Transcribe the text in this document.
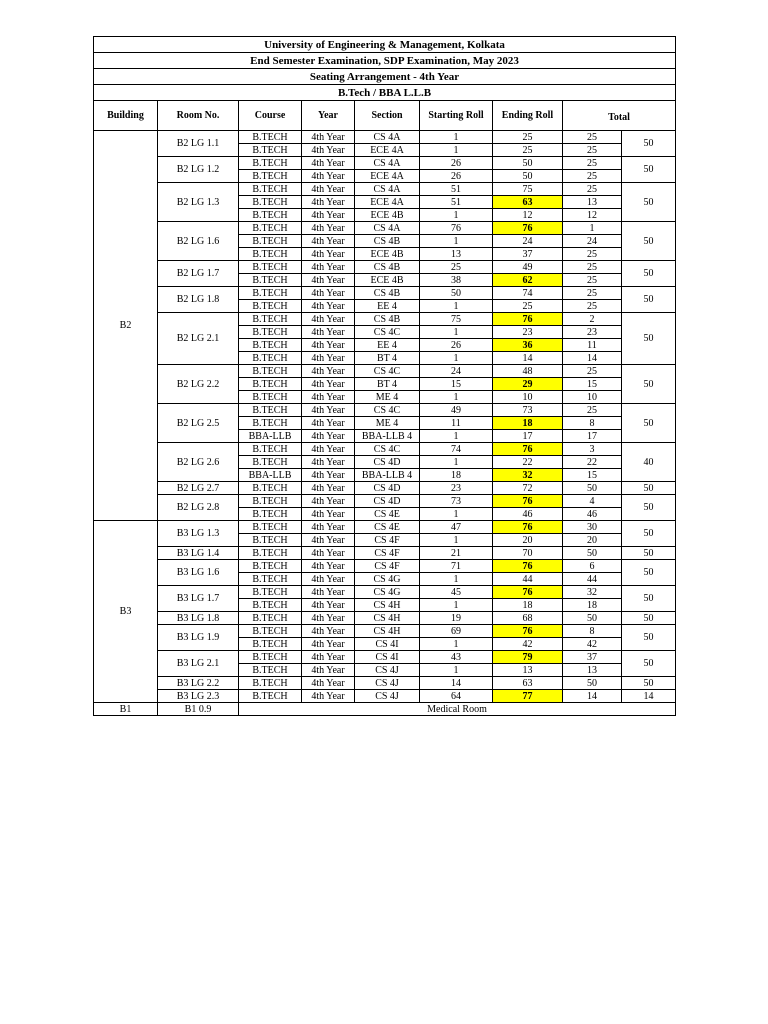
University of Engineering & Management, Kolkata								
End Semester Examination, SDP Examination, May 2023								
Seating Arrangement - 4th Year								
B.Tech / BBA L.L.B								
Building	Room No.	Course	Year	Section	Starting Roll	Ending Roll	Total	
B2	B2 LG 1.1	B.TECH	4th Year	CS 4A	1	25	25	50
		B.TECH	4th Year	ECE 4A	1	25	25	
	B2 LG 1.2	B.TECH	4th Year	CS 4A	26	50	25	50
		B.TECH	4th Year	ECE 4A	26	50	25	
	B2 LG 1.3	B.TECH	4th Year	CS 4A	51	75	25	50
		B.TECH	4th Year	ECE 4A	51	63	13	
		B.TECH	4th Year	ECE 4B	1	12	12	
	B2 LG 1.6	B.TECH	4th Year	CS 4A	76	76	1	50
		B.TECH	4th Year	CS 4B	1	24	24	
		B.TECH	4th Year	ECE 4B	13	37	25	
	B2 LG 1.7	B.TECH	4th Year	CS 4B	25	49	25	50
		B.TECH	4th Year	ECE 4B	38	62	25	
	B2 LG 1.8	B.TECH	4th Year	CS 4B	50	74	25	50
		B.TECH	4th Year	EE 4	1	25	25	
	B2 LG 2.1	B.TECH	4th Year	CS 4B	75	76	2	50
		B.TECH	4th Year	CS 4C	1	23	23	
		B.TECH	4th Year	EE 4	26	36	11	
		B.TECH	4th Year	BT 4	1	14	14	
	B2 LG 2.2	B.TECH	4th Year	CS 4C	24	48	25	50
		B.TECH	4th Year	BT 4	15	29	15	
		B.TECH	4th Year	ME 4	1	10	10	
	B2 LG 2.5	B.TECH	4th Year	CS 4C	49	73	25	50
		B.TECH	4th Year	ME 4	11	18	8	
		BBA-LLB	4th Year	BBA-LLB 4	1	17	17	
	B2 LG 2.6	B.TECH	4th Year	CS 4C	74	76	3	40
		B.TECH	4th Year	CS 4D	1	22	22	
		BBA-LLB	4th Year	BBA-LLB 4	18	32	15	
	B2 LG 2.7	B.TECH	4th Year	CS 4D	23	72	50	50
	B2 LG 2.8	B.TECH	4th Year	CS 4D	73	76	4	50
		B.TECH	4th Year	CS 4E	1	46	46	
B3	B3 LG 1.3	B.TECH	4th Year	CS 4E	47	76	30	50
		B.TECH	4th Year	CS 4F	1	20	20	
	B3 LG 1.4	B.TECH	4th Year	CS 4F	21	70	50	50
	B3 LG 1.6	B.TECH	4th Year	CS 4F	71	76	6	50
		B.TECH	4th Year	CS 4G	1	44	44	
	B3 LG 1.7	B.TECH	4th Year	CS 4G	45	76	32	50
		B.TECH	4th Year	CS 4H	1	18	18	
	B3 LG 1.8	B.TECH	4th Year	CS 4H	19	68	50	50
	B3 LG 1.9	B.TECH	4th Year	CS 4H	69	76	8	50
		B.TECH	4th Year	CS 4I	1	42	42	
	B3 LG 2.1	B.TECH	4th Year	CS 4I	43	79	37	50
		B.TECH	4th Year	CS 4J	1	13	13	
	B3 LG 2.2	B.TECH	4th Year	CS 4J	14	63	50	50
	B3 LG 2.3	B.TECH	4th Year	CS 4J	64	77	14	14
B1	B1 0.9	Medical Room						
